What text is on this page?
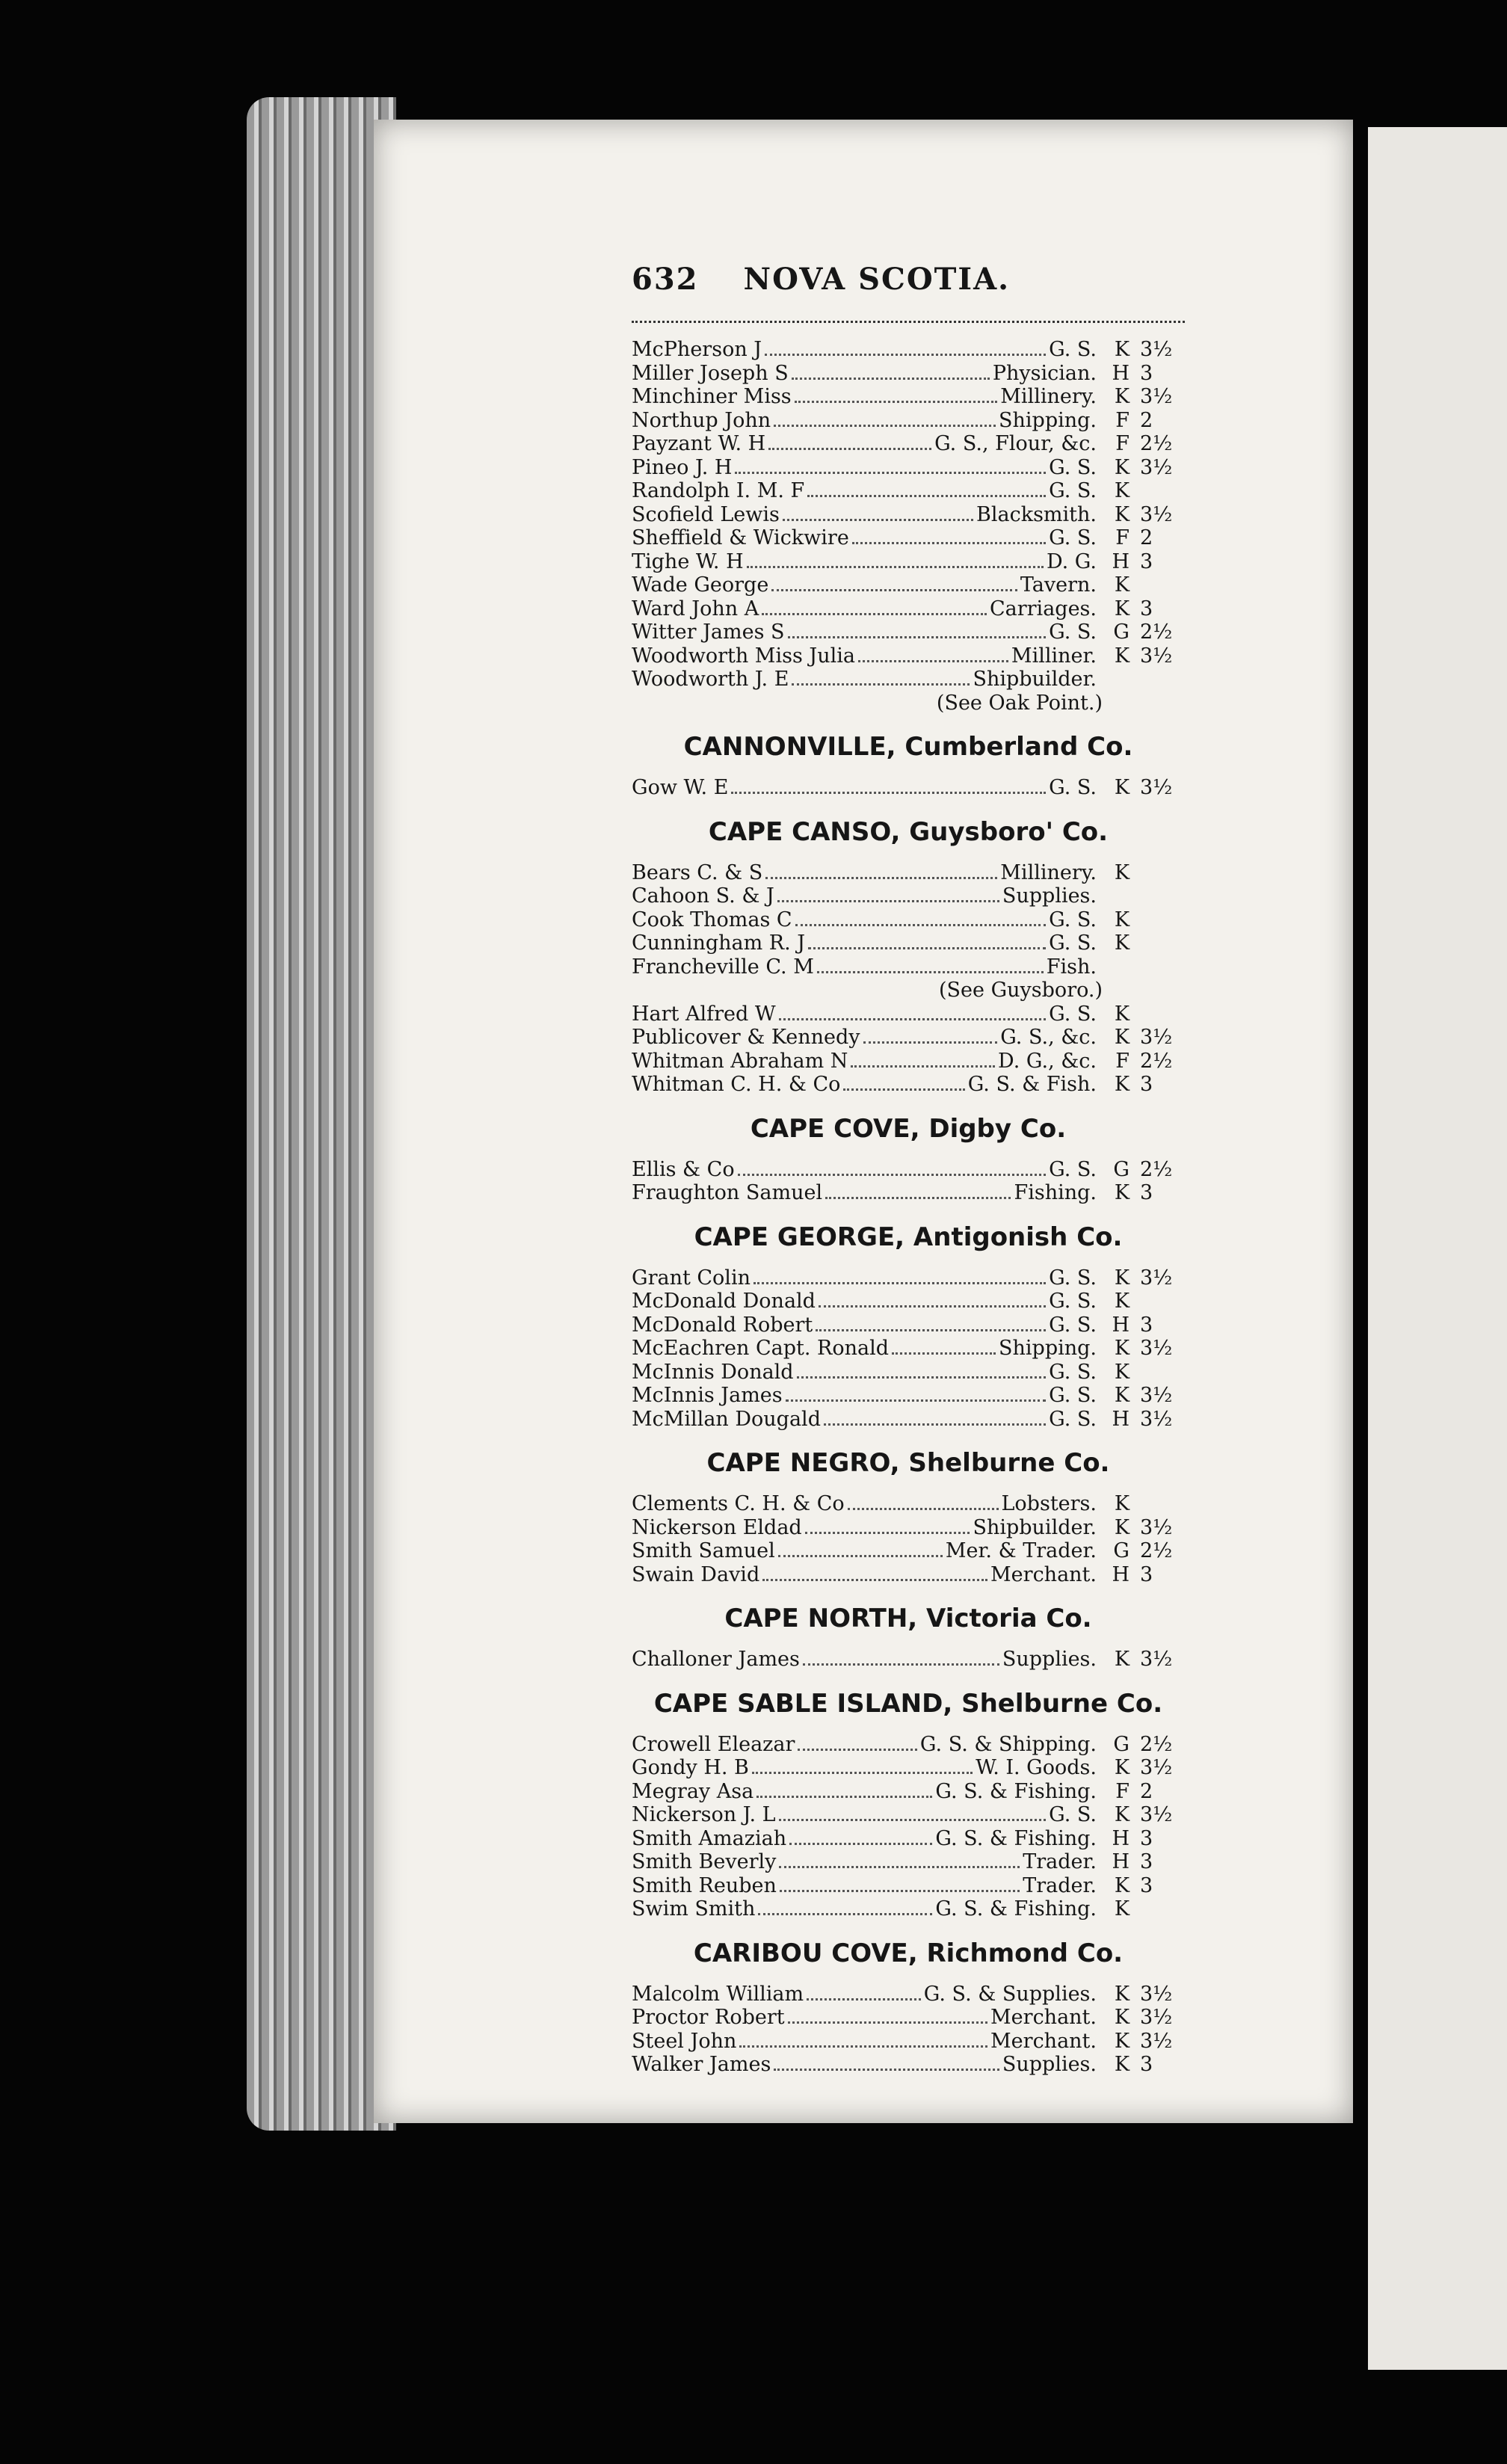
632 NOVA SCOTIA.
McPherson J	G. S. K 3½
Miller Joseph S	Physician. H 3
Minchiner Miss	Millinery. K 3½
Northup John	Shipping. F 2
Payzant W. H	G. S., Flour, &c. F 2½
Pineo J. H	G. S. K 3½
Randolph I. M. F	G. S. K
Scofield Lewis	Blacksmith. K 3½
Sheffield & Wickwire	G. S. F 2
Tighe W. H	D. G. H 3
Wade George	Tavern. K
Ward John A	Carriages. K 3
Witter James S	G. S. G 2½
Woodworth Miss Julia	Milliner. K 3½
Woodworth J. E	Shipbuilder.
(See Oak Point.)
CANNONVILLE, Cumberland Co.
Gow W. E	G. S. K 3½
CAPE CANSO, Guysboro' Co.
Bears C. & S	Millinery. K
Cahoon S. & J	Supplies.
Cook Thomas C	G. S. K
Cunningham R. J	G. S. K
Francheville C. M	Fish.
(See Guysboro.)
Hart Alfred W	G. S. K
Publicover & Kennedy	G. S., &c. K 3½
Whitman Abraham N	D. G., &c. F 2½
Whitman C. H. & Co	G. S. & Fish. K 3
CAPE COVE, Digby Co.
Ellis & Co	G. S. G 2½
Fraughton Samuel	Fishing. K 3
CAPE GEORGE, Antigonish Co.
Grant Colin	G. S. K 3½
McDonald Donald	G. S. K
McDonald Robert	G. S. H 3
McEachren Capt. Ronald	Shipping. K 3½
McInnis Donald	G. S. K
McInnis James	G. S. K 3½
McMillan Dougald	G. S. H 3½
CAPE NEGRO, Shelburne Co.
Clements C. H. & Co	Lobsters. K
Nickerson Eldad	Shipbuilder. K 3½
Smith Samuel	Mer. & Trader. G 2½
Swain David	Merchant. H 3
CAPE NORTH, Victoria Co.
Challoner James	Supplies. K 3½
CAPE SABLE ISLAND, Shelburne Co.
Crowell Eleazar	G. S. & Shipping. G 2½
Gondy H. B	W. I. Goods. K 3½
Megray Asa	G. S. & Fishing. F 2
Nickerson J. L	G. S. K 3½
Smith Amaziah	G. S. & Fishing. H 3
Smith Beverly	Trader. H 3
Smith Reuben	Trader. K 3
Swim Smith	G. S. & Fishing. K
CARIBOU COVE, Richmond Co.
Malcolm William	G. S. & Supplies. K 3½
Proctor Robert	Merchant. K 3½
Steel John	Merchant. K 3½
Walker James	Supplies. K 3
